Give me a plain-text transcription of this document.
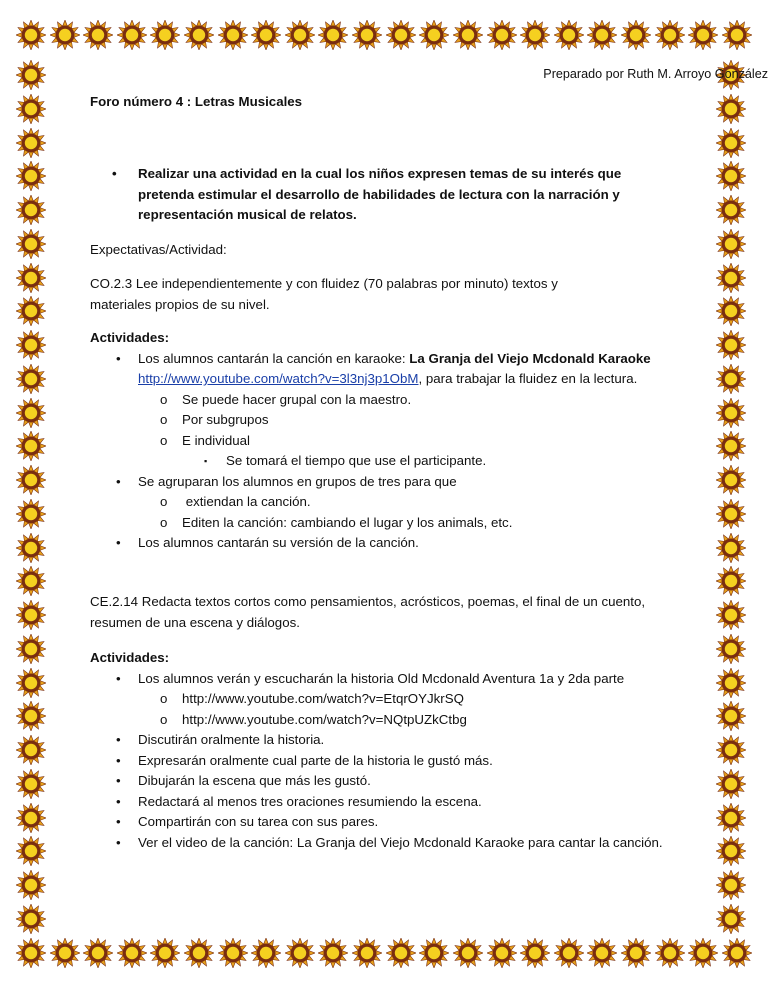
Preparado por Ruth M. Arroyo González
Foro número 4 : Letras Musicales
• Realizar una actividad en la cual los niños expresen temas de su interés que pretenda estimular el desarrollo de habilidades de lectura con la narración y representación musical de relatos.
Expectativas/Actividad:
CO.2.3 Lee independientemente y con fluidez (70 palabras por minuto) textos y materiales propios de su nivel.
Actividades:
• Los alumnos cantarán la canción en karaoke: La Granja del Viejo Mcdonald Karaoke
http://www.youtube.com/watch?v=3l3nj3p1ObM, para trabajar la fluidez en la lectura.
o Se puede hacer grupal con la maestro.
o Por subgrupos
o E individual
▪ Se tomará el tiempo que use el participante.
• Se agruparan los alumnos en grupos de tres para que
o extiendan la canción.
o Editen la canción: cambiando el lugar y los animals, etc.
• Los alumnos cantarán su versión de la canción.
CE.2.14 Redacta textos cortos como pensamientos, acrósticos, poemas, el final de un cuento, resumen de una escena y diálogos.
Actividades:
• Los alumnos verán y escucharán la historia Old Mcdonald Aventura 1a y 2da parte
o http://www.youtube.com/watch?v=EtqrOYJkrSQ
o http://www.youtube.com/watch?v=NQtpUZkCtbg
• Discutirán oralmente la historia.
• Expresarán oralmente cual parte de la historia le gustó más.
• Dibujarán la escena que más les gustó.
• Redactará al menos tres oraciones resumiendo la escena.
• Compartirán con su tarea con sus pares.
• Ver el video de la canción: La Granja del Viejo Mcdonald Karaoke para cantar la canción.
